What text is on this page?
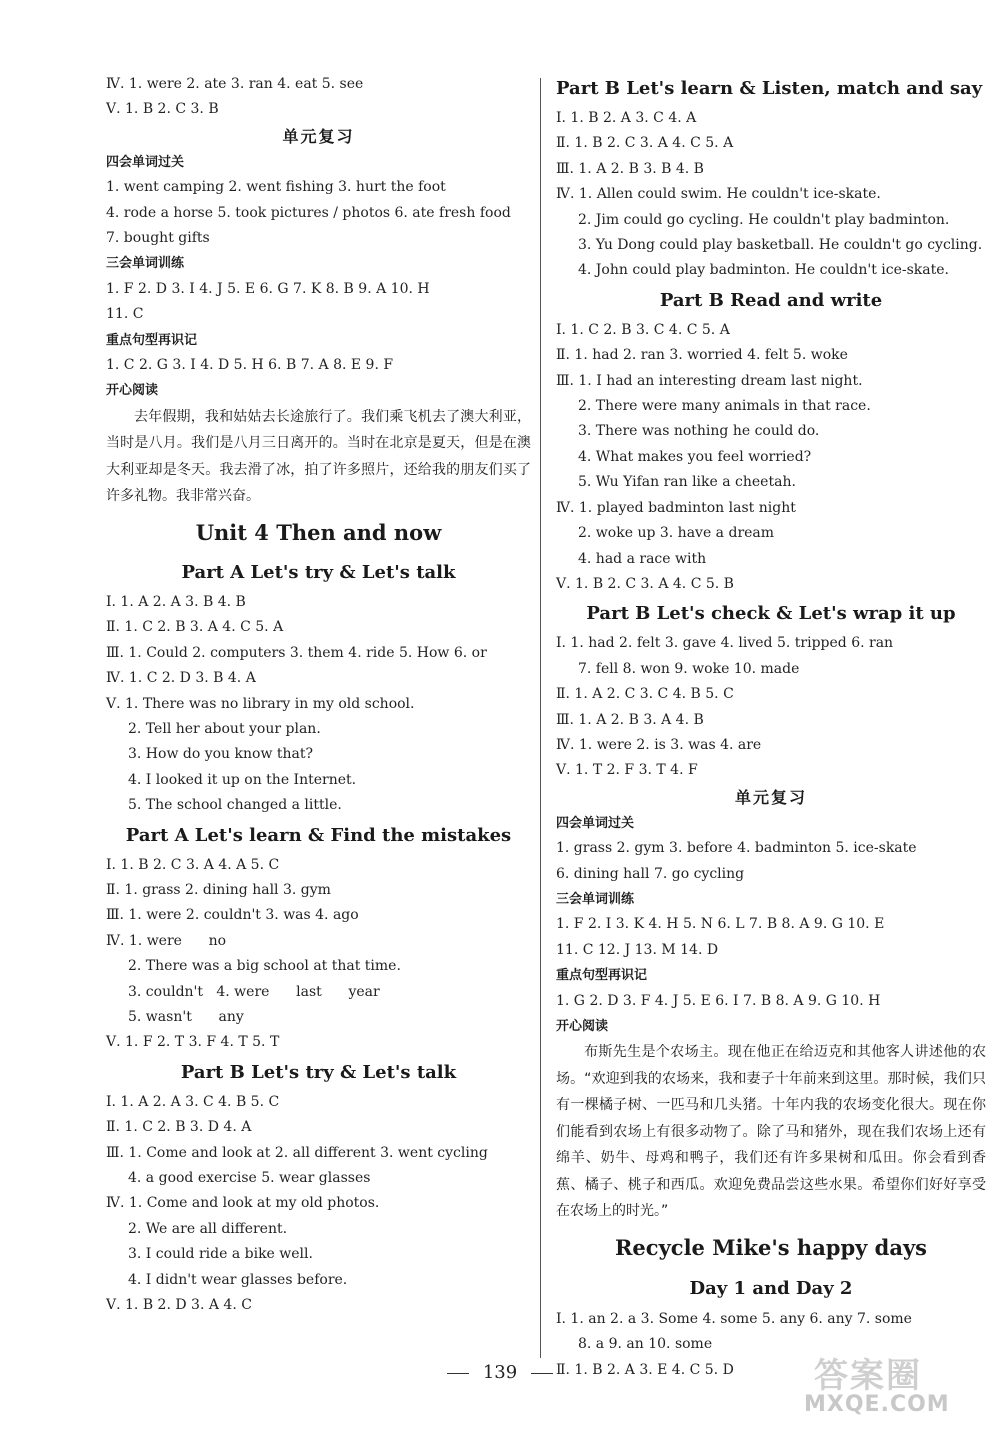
Ⅳ. 1. were 2. ate 3. ran 4. eat 5. see
Ⅴ. 1. B 2. C 3. B
单元复习
四会单词过关
1. went camping 2. went fishing 3. hurt the foot
4. rode a horse 5. took pictures / photos 6. ate fresh food
7. bought gifts
三会单词训练
1. F 2. D 3. I 4. J 5. E 6. G 7. K 8. B 9. A 10. H
11. C
重点句型再识记
1. C 2. G 3. I 4. D 5. H 6. B 7. A 8. E 9. F
开心阅读

去年假期，我和姑姑去长途旅行了。我们乘飞机去了澳大利亚，当时是八月。我们是八月三日离开的。当时在北京是夏天，但是在澳大利亚却是冬天。我去滑了冰，拍了许多照片，还给我的朋友们买了许多礼物。我非常兴奋。

Unit 4 Then and now
Part A Let's try & Let's talk
Ⅰ. 1. A 2. A 3. B 4. B
Ⅱ. 1. C 2. B 3. A 4. C 5. A
Ⅲ. 1. Could 2. computers 3. them 4. ride 5. How 6. or
Ⅳ. 1. C 2. D 3. B 4. A
Ⅴ. 1. There was no library in my old school.
2. Tell her about your plan.
3. How do you know that?
4. I looked it up on the Internet.
5. The school changed a little.
Part A Let's learn & Find the mistakes
Ⅰ. 1. B 2. C 3. A 4. A 5. C
Ⅱ. 1. grass 2. dining hall 3. gym
Ⅲ. 1. were 2. couldn't 3. was 4. ago
Ⅳ. 1. were      no
2. There was a big school at that time.
3. couldn't   4. were      last      year
5. wasn't      any
Ⅴ. 1. F 2. T 3. F 4. T 5. T
Part B Let's try & Let's talk
Ⅰ. 1. A 2. A 3. C 4. B 5. C
Ⅱ. 1. C 2. B 3. D 4. A
Ⅲ. 1. Come and look at 2. all different 3. went cycling
4. a good exercise 5. wear glasses
Ⅳ. 1. Come and look at my old photos.
2. We are all different.
3. I could ride a bike well.
4. I didn't wear glasses before.
Ⅴ. 1. B 2. D 3. A 4. C
Part B Let's learn & Listen, match and say
Ⅰ. 1. B 2. A 3. C 4. A
Ⅱ. 1. B 2. C 3. A 4. C 5. A
Ⅲ. 1. A 2. B 3. B 4. B
Ⅳ. 1. Allen could swim. He couldn't ice-skate.
2. Jim could go cycling. He couldn't play badminton.
3. Yu Dong could play basketball. He couldn't go cycling.
4. John could play badminton. He couldn't ice-skate.
Part B Read and write
Ⅰ. 1. C 2. B 3. C 4. C 5. A
Ⅱ. 1. had 2. ran 3. worried 4. felt 5. woke
Ⅲ. 1. I had an interesting dream last night.
2. There were many animals in that race.
3. There was nothing he could do.
4. What makes you feel worried?
5. Wu Yifan ran like a cheetah.
Ⅳ. 1. played badminton last night
2. woke up 3. have a dream
4. had a race with
Ⅴ. 1. B 2. C 3. A 4. C 5. B
Part B Let's check & Let's wrap it up
Ⅰ. 1. had 2. felt 3. gave 4. lived 5. tripped 6. ran
7. fell 8. won 9. woke 10. made
Ⅱ. 1. A 2. C 3. C 4. B 5. C
Ⅲ. 1. A 2. B 3. A 4. B
Ⅳ. 1. were 2. is 3. was 4. are
Ⅴ. 1. T 2. F 3. T 4. F
单元复习
四会单词过关
1. grass 2. gym 3. before 4. badminton 5. ice-skate
6. dining hall 7. go cycling
三会单词训练
1. F 2. I 3. K 4. H 5. N 6. L 7. B 8. A 9. G 10. E
11. C 12. J 13. M 14. D
重点句型再识记
1. G 2. D 3. F 4. J 5. E 6. I 7. B 8. A 9. G 10. H
开心阅读

布斯先生是个农场主。现在他正在给迈克和其他客人讲述他的农场。“欢迎到我的农场来，我和妻子十年前来到这里。那时候，我们只有一棵橘子树、一匹马和几头猪。十年内我的农场变化很大。现在你们能看到农场上有很多动物了。除了马和猪外，现在我们农场上还有绵羊、奶牛、母鸡和鸭子，我们还有许多果树和瓜田。你会看到香蕉、橘子、桃子和西瓜。欢迎免费品尝这些水果。希望你们好好享受在农场上的时光。”

Recycle Mike's happy days
Day 1 and Day 2
Ⅰ. 1. an 2. a 3. Some 4. some 5. any 6. any 7. some
8. a 9. an 10. some
Ⅱ. 1. B 2. A 3. E 4. C 5. D
139	答案圈
MXQE.COM
